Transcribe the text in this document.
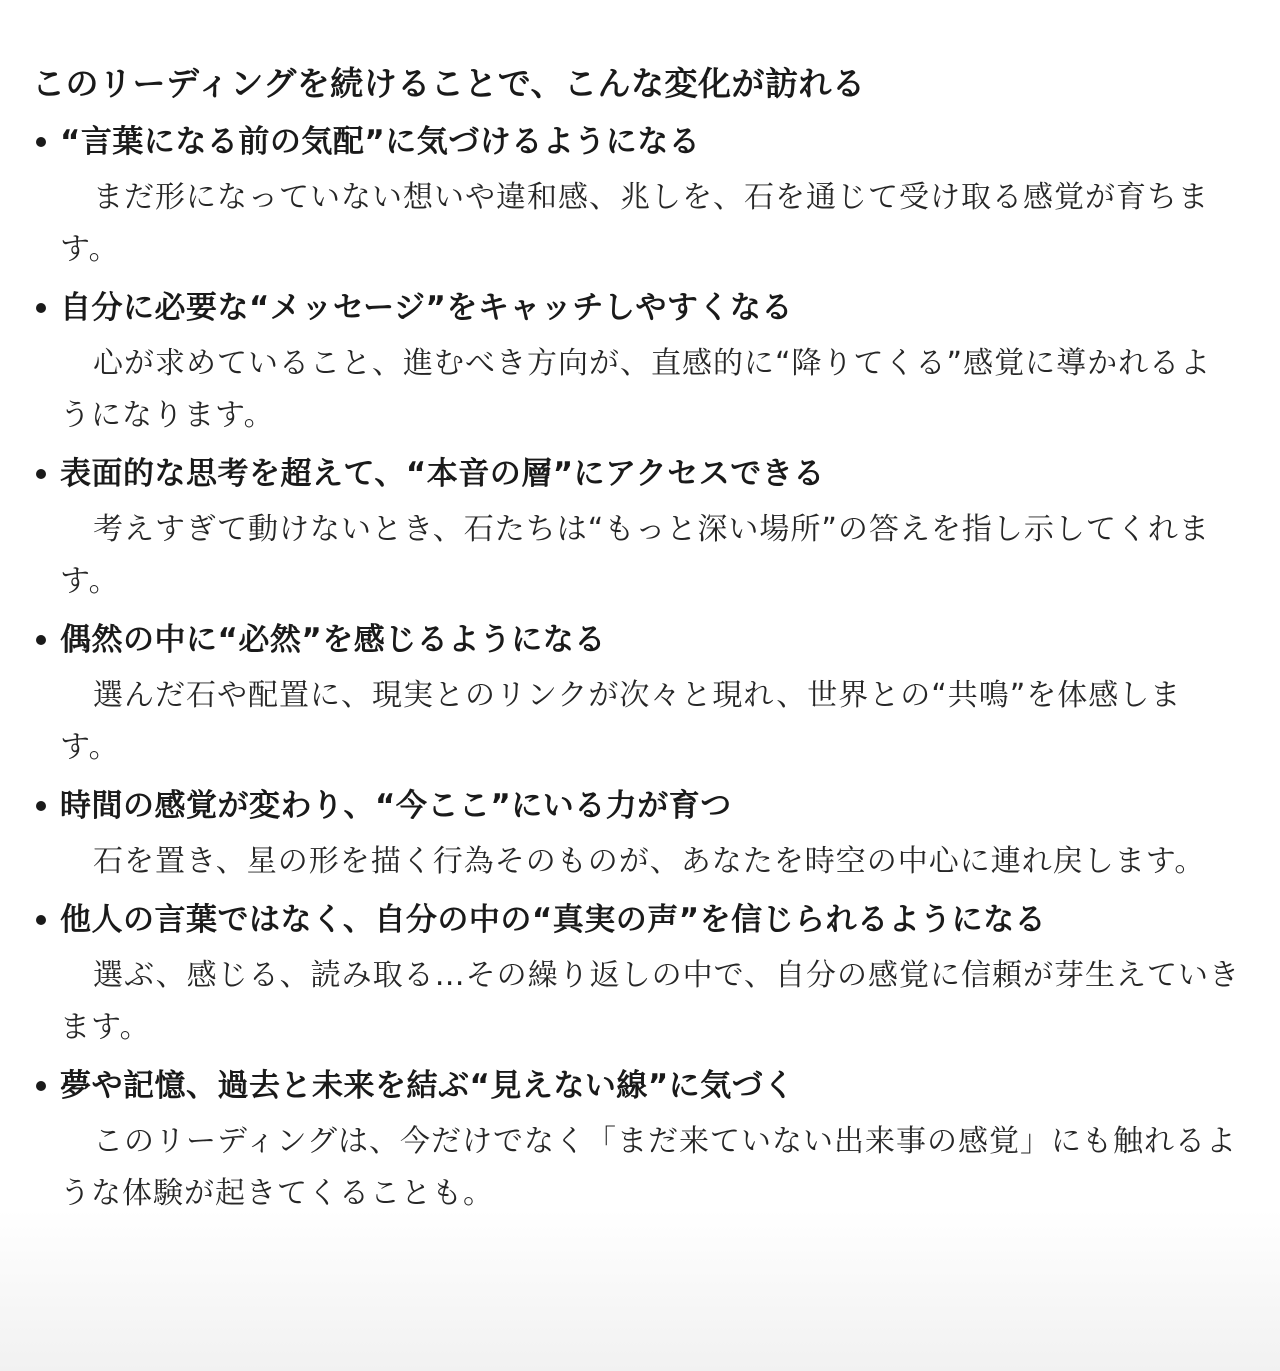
このリーディングを続けることで、こんな変化が訪れる
“言葉になる前の気配”に気づけるようになる
まだ形になっていない想いや違和感、兆しを、石を通じて受け取る感覚が育ちます。
自分に必要な“メッセージ”をキャッチしやすくなる
心が求めていること、進むべき方向が、直感的に“降りてくる”感覚に導かれるようになります。
表面的な思考を超えて、“本音の層”にアクセスできる
考えすぎて動けないとき、石たちは“もっと深い場所”の答えを指し示してくれます。
偶然の中に“必然”を感じるようになる
選んだ石や配置に、現実とのリンクが次々と現れ、世界との“共鳴”を体感します。
時間の感覚が変わり、“今ここ”にいる力が育つ
石を置き、星の形を描く行為そのものが、あなたを時空の中心に連れ戻します。
他人の言葉ではなく、自分の中の“真実の声”を信じられるようになる
選ぶ、感じる、読み取る…その繰り返しの中で、自分の感覚に信頼が芽生えていきます。
夢や記憶、過去と未来を結ぶ“見えない線”に気づく
このリーディングは、今だけでなく「まだ来ていない出来事の感覚」にも触れるような体験が起きてくることも。
